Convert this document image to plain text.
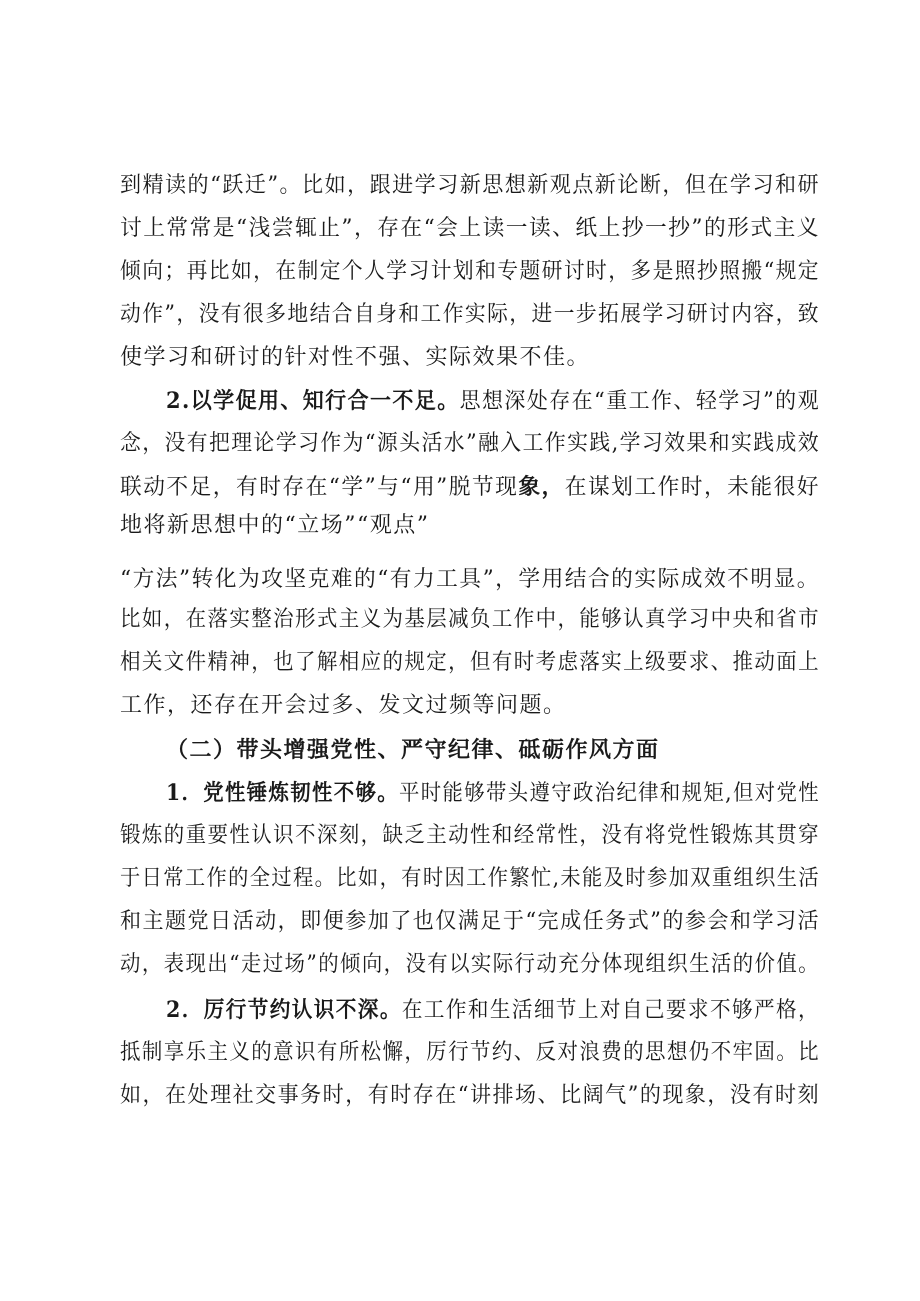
到精读的“跃迁”。比如，跟进学习新思想新观点新论断，但在学习和研
讨上常常是“浅尝辄止”，存在“会上读一读、纸上抄一抄”的形式主义
倾向；再比如，在制定个人学习计划和专题研讨时，多是照抄照搬“规定
动作”，没有很多地结合自身和工作实际，进一步拓展学习研讨内容，致
使学习和研讨的针对性不强、实际效果不佳。
2.以学促用、知行合一不足。思想深处存在“重工作、轻学习”的观
念，没有把理论学习作为“源头活水”融入工作实践,学习效果和实践成效
联动不足，有时存在“学”与“用”脱节现象，在谋划工作时，未能很好
地将新思想中的“立场”“观点”
“方法”转化为攻坚克难的“有力工具”，学用结合的实际成效不明显。
比如，在落实整治形式主义为基层减负工作中，能够认真学习中央和省市
相关文件精神，也了解相应的规定，但有时考虑落实上级要求、推动面上
工作，还存在开会过多、发文过频等问题。
（二）带头增强党性、严守纪律、砥砺作风方面
1．党性锤炼韧性不够。平时能够带头遵守政治纪律和规矩,但对党性
锻炼的重要性认识不深刻，缺乏主动性和经常性，没有将党性锻炼其贯穿
于日常工作的全过程。比如，有时因工作繁忙,未能及时参加双重组织生活
和主题党日活动，即便参加了也仅满足于“完成任务式”的参会和学习活
动，表现出“走过场”的倾向，没有以实际行动充分体现组织生活的价值。
2．厉行节约认识不深。在工作和生活细节上对自己要求不够严格，
抵制享乐主义的意识有所松懈，厉行节约、反对浪费的思想仍不牢固。比
如，在处理社交事务时，有时存在“讲排场、比阔气”的现象，没有时刻
